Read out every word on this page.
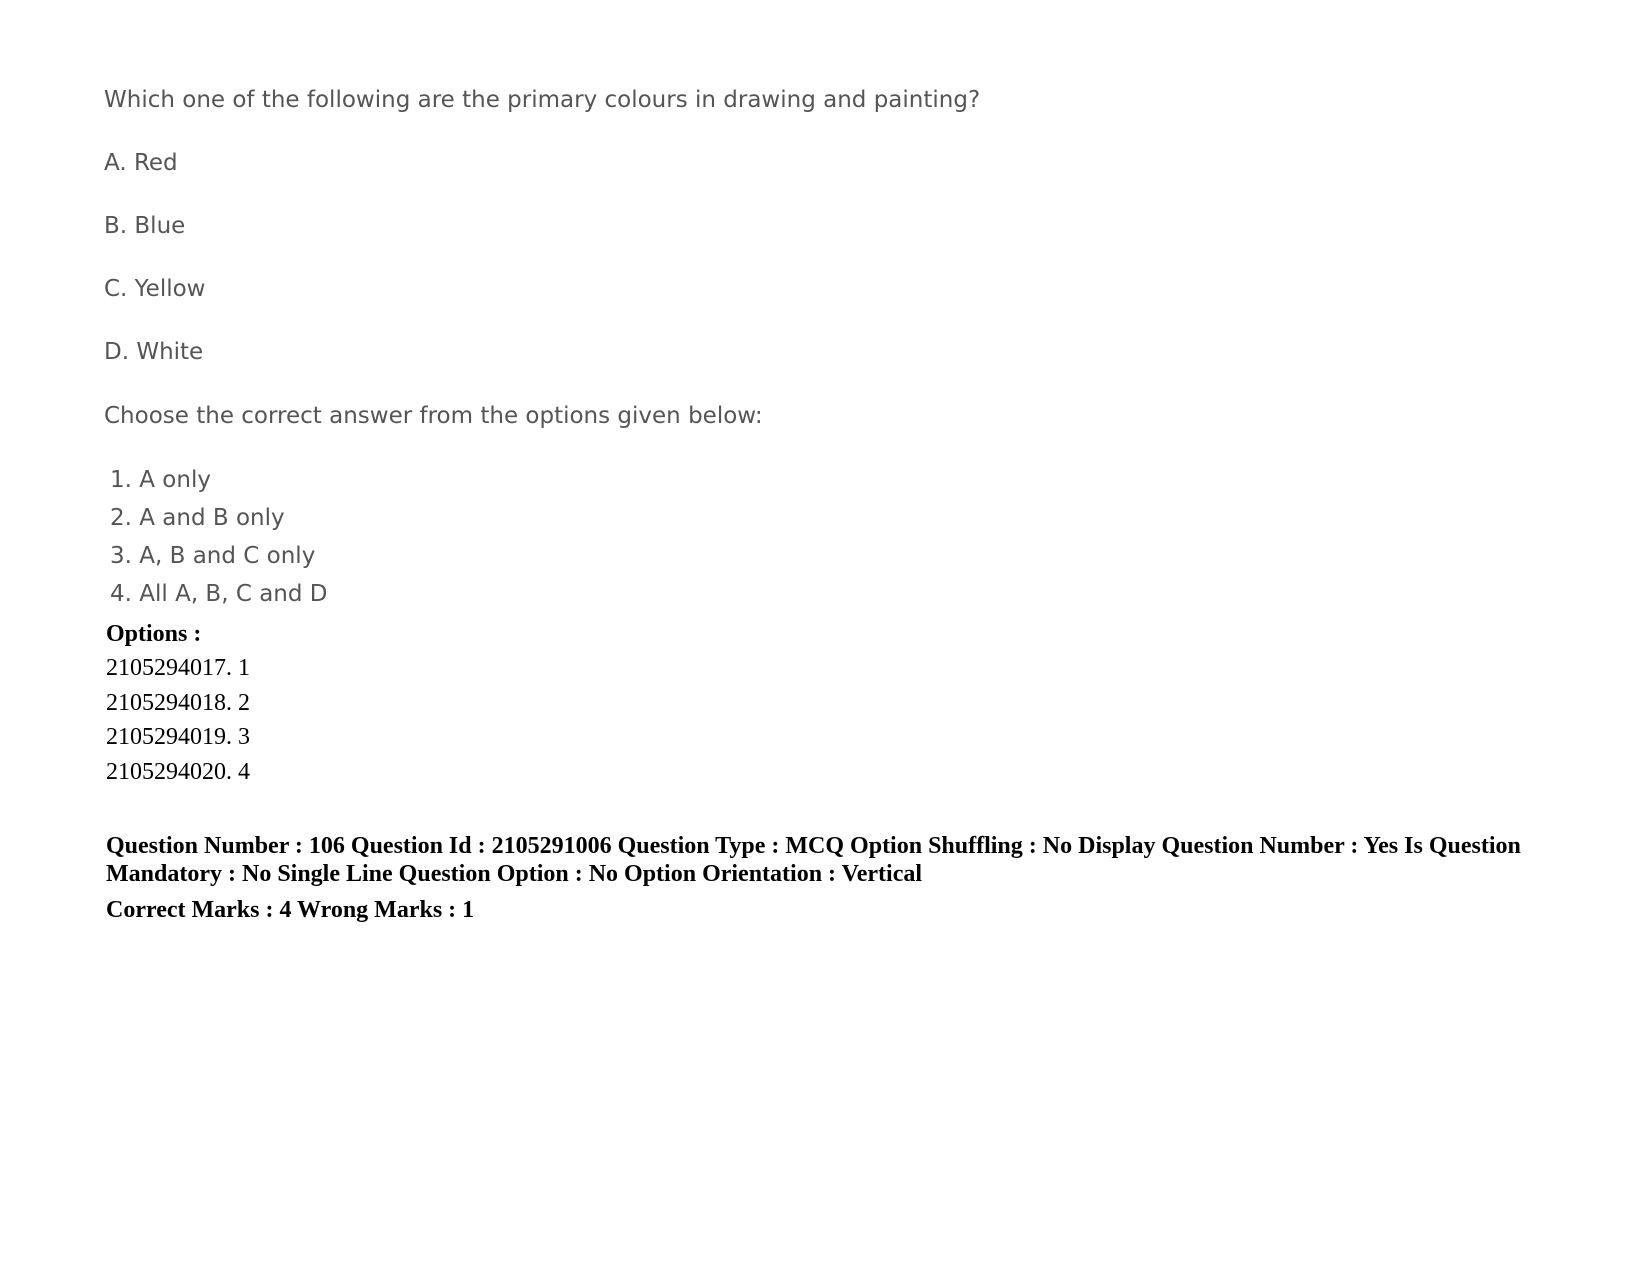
Which one of the following are the primary colours in drawing and painting?
A. Red
B. Blue
C. Yellow
D. White
Choose the correct answer from the options given below:
1. A only
2. A and B only
3. A, B and C only
4. All A, B, C and D
Options :
2105294017. 1
2105294018. 2
2105294019. 3
2105294020. 4
Question Number : 106 Question Id : 2105291006 Question Type : MCQ Option Shuffling : No Display Question Number : Yes Is Question Mandatory : No Single Line Question Option : No Option Orientation : Vertical
Correct Marks : 4 Wrong Marks : 1
